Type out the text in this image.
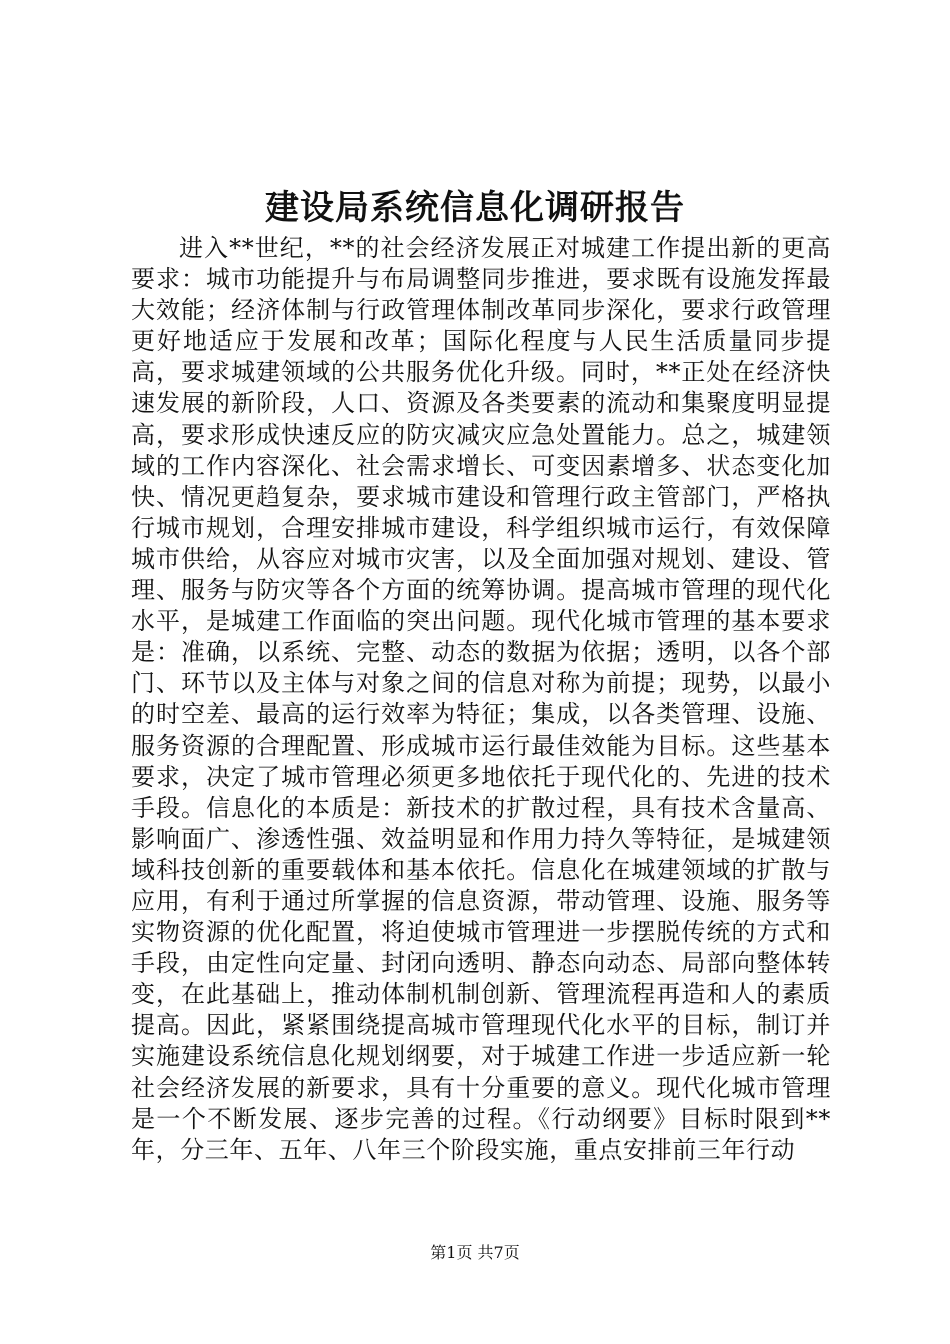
建设局系统信息化调研报告

进入**世纪，**的社会经济发展正对城建工作提出新的更高要求：城市功能提升与布局调整同步推进，要求既有设施发挥最大效能；经济体制与行政管理体制改革同步深化，要求行政管理更好地适应于发展和改革；国际化程度与人民生活质量同步提高，要求城建领域的公共服务优化升级。同时，**正处在经济快速发展的新阶段，人口、资源及各类要素的流动和集聚度明显提高，要求形成快速反应的防灾减灾应急处置能力。总之，城建领域的工作内容深化、社会需求增长、可变因素增多、状态变化加快、情况更趋复杂，要求城市建设和管理行政主管部门，严格执行城市规划，合理安排城市建设，科学组织城市运行，有效保障城市供给，从容应对城市灾害，以及全面加强对规划、建设、管理、服务与防灾等各个方面的统筹协调。提高城市管理的现代化水平，是城建工作面临的突出问题。现代化城市管理的基本要求是：准确，以系统、完整、动态的数据为依据；透明，以各个部门、环节以及主体与对象之间的信息对称为前提；现势，以最小的时空差、最高的运行效率为特征；集成，以各类管理、设施、服务资源的合理配置、形成城市运行最佳效能为目标。这些基本要求，决定了城市管理必须更多地依托于现代化的、先进的技术手段。信息化的本质是：新技术的扩散过程，具有技术含量高、影响面广、渗透性强、效益明显和作用力持久等特征，是城建领域科技创新的重要载体和基本依托。信息化在城建领域的扩散与应用，有利于通过所掌握的信息资源，带动管理、设施、服务等实物资源的优化配置，将迫使城市管理进一步摆脱传统的方式和手段，由定性向定量、封闭向透明、静态向动态、局部向整体转变，在此基础上，推动体制机制创新、管理流程再造和人的素质提高。因此，紧紧围绕提高城市管理现代化水平的目标，制订并实施建设系统信息化规划纲要，对于城建工作进一步适应新一轮社会经济发展的新要求，具有十分重要的意义。现代化城市管理是一个不断发展、逐步完善的过程。《行动纲要》目标时限到**年，分三年、五年、八年三个阶段实施，重点安排前三年行动

第1页 共7页
